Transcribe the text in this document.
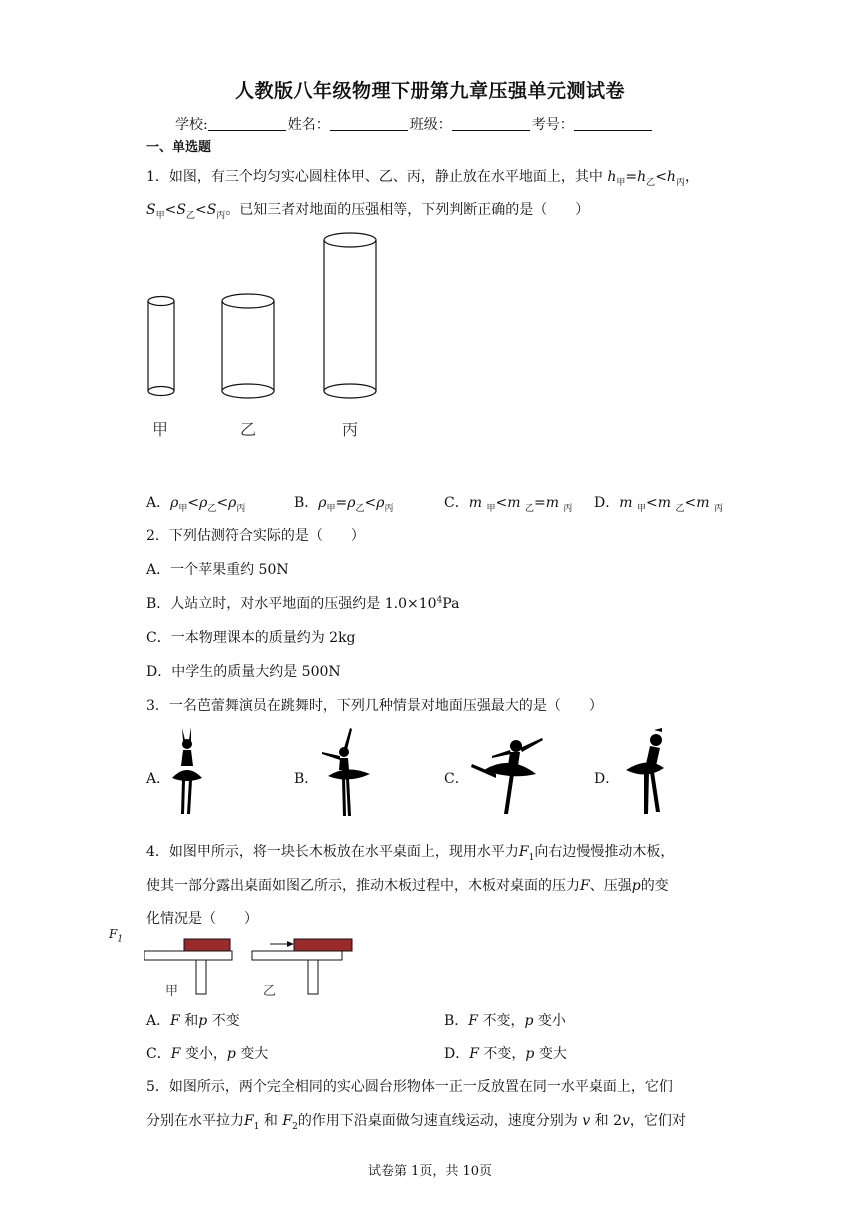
人教版八年级物理下册第九章压强单元测试卷
学校:	姓名：	班级：	考号：
一、单选题
1．如图，有三个均匀实心圆柱体甲、乙、丙，静止放在水平地面上，其中 $h_甲=h_乙<h_丙$，
$S_甲<S_乙<S_丙$。已知三者对地面的压强相等，下列判断正确的是（　　）
甲	乙	丙
A．$\rho_甲<\rho_乙<\rho_丙$	B．$\rho_甲=\rho_乙<\rho_丙$	C．m $_甲$<m $_乙$=m $_丙$ D．m $_甲$<m $_乙$<m $_丙$
2．下列估测符合实际的是（　　）
A．一个苹果重约 50N
B．人站立时，对水平地面的压强约是 $1.0\times 10^4Pa$
C．一本物理课本的质量约为 2kg
D．中学生的质量大约是 500N
3．一名芭蕾舞演员在跳舞时，下列几种情景对地面压强最大的是（　　）
A．	B．	C．	D．
4．如图甲所示，将一块长木板放在水平桌面上，现用水平力$F_1$向右边慢慢推动木板，
使其一部分露出桌面如图乙所示，推动木板过程中，木板对桌面的压力F、压强p的变
化情况是（　　）
$F_1$
甲	乙
A．F 和p 不变	B．F 不变，p 变小
C．F 变小，p 变大	D．F 不变，p 变大
5．如图所示，两个完全相同的实心圆台形物体一正一反放置在同一水平桌面上，它们
分别在水平拉力$F_1$ 和 $F_2$的作用下沿桌面做匀速直线运动，速度分别为 v 和 2v，它们对
试卷第 1页，共 10页
